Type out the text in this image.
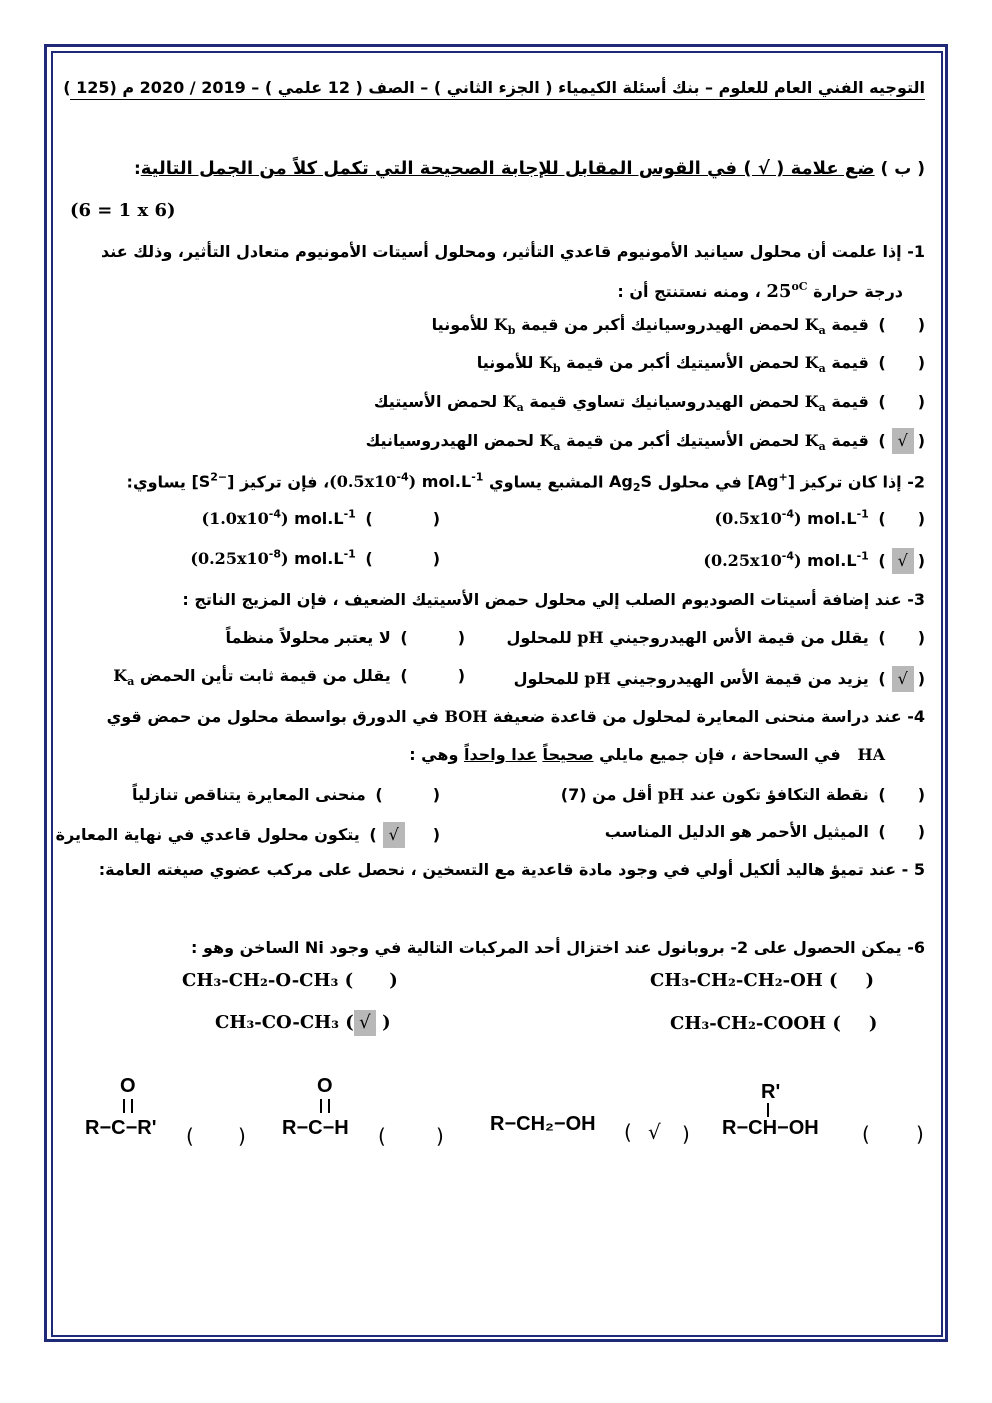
التوجيه الفني العام للعلوم – بنك أسئلة الكيمياء ( الجزء الثاني ) – الصف ( 12 علمي ) – 2019 / 2020 م (125 )
( ب ) ضع علامة ( √ ) في القوس المقابل للإجابة الصحيحة التي تكمل كلاً من الجمل التالية:
(6 = 1 x 6)
1- إذا علمت أن محلول سيانيد الأمونيوم قاعدي التأثير، ومحلول أسيتات الأمونيوم متعادل التأثير، وذلك عند
درجة حرارة $25^{oC}$ ، ومنه نستنتج أن :
() قيمة $K_a$ لحمض الهيدروسيانيك أكبر من قيمة $K_b$ للأمونيا
() قيمة $K_a$ لحمض الأسيتيك أكبر من قيمة $K_b$ للأمونيا
() قيمة $K_a$ لحمض الهيدروسيانيك تساوي قيمة $K_a$ لحمض الأسيتيك
(√) قيمة $K_a$ لحمض الأسيتيك أكبر من قيمة $K_a$ لحمض الهيدروسيانيك
2- إذا كان تركيز [Ag+] في محلول $Ag_2S$ المشبع يساوي $(0.5x10^{-4})$ $mol.L^{-1}،$ فإن تركيز $[S^{2-}]$ يساوي:
() $(0.5x10^{-4})$ $mol.L^{-1}$
() $(1.0x10^{-4})$ $mol.L^{-1}$
(√) $(0.25x10^{-4})$ $mol.L^{-1}$
() $(0.25x10^{-8})$ $mol.L^{-1}$
3- عند إضافة أسيتات الصوديوم الصلب إلي محلول حمض الأسيتيك الضعيف ، فإن المزيج الناتج :
() يقلل من قيمة الأس الهيدروجيني pH للمحلول
() لا يعتبر محلولاً منظماً
(√) يزيد من قيمة الأس الهيدروجيني pH للمحلول
() يقلل من قيمة ثابت تأين الحمض $K_a$
4- عند دراسة منحنى المعايرة لمحلول من قاعدة ضعيفة BOH في الدورق بواسطة محلول من حمض قوي
HA   في السحاحة ، فإن جميع مايلي صحيحاً عدا واحداً وهي :
() نقطة التكافؤ تكون عند pH أقل من (7)
() منحنى المعايرة يتناقص تنازلياً
() الميثيل الأحمر هو الدليل المناسب
(√) يتكون محلول قاعدي في نهاية المعايرة
5 - عند تميؤ هاليد ألكيل أولي في وجود مادة قاعدية مع التسخين ، نحصل على مركب عضوي صيغته العامة:
6- يمكن الحصول على 2- بروبانول عند اختزال أحد المركبات التالية في وجود Ni الساخن وهو :
CH₃-CH₂-CH₂-OH ( )
CH₃-CH₂-O-CH₃ ( )
CH₃-CH₂-COOH ( )
CH₃-CO-CH₃ ( √ )
R'
R−CH−OH ( )
R−CH₂−OH ( √ )
O
R−C−H (	)
O
R−C−R' ( )
